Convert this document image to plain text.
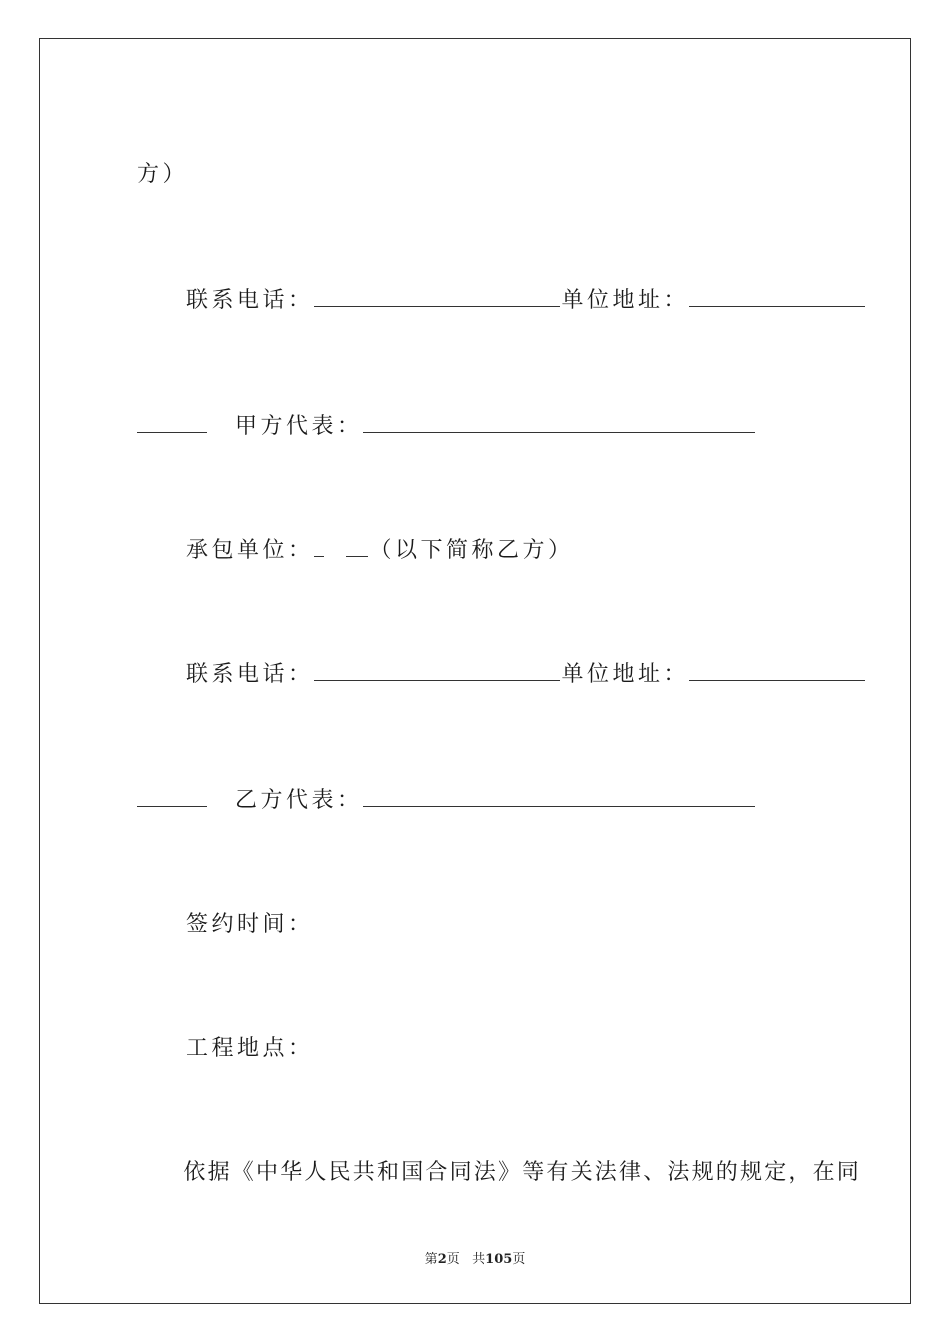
方）

联系电话：	单位地址：

甲方代表：

承包单位：	（以下简称乙方）

联系电话：	单位地址：

乙方代表：

签约时间：

工程地点：

依据《中华人民共和国合同法》等有关法律、法规的规定，在同

第2页 共105页
